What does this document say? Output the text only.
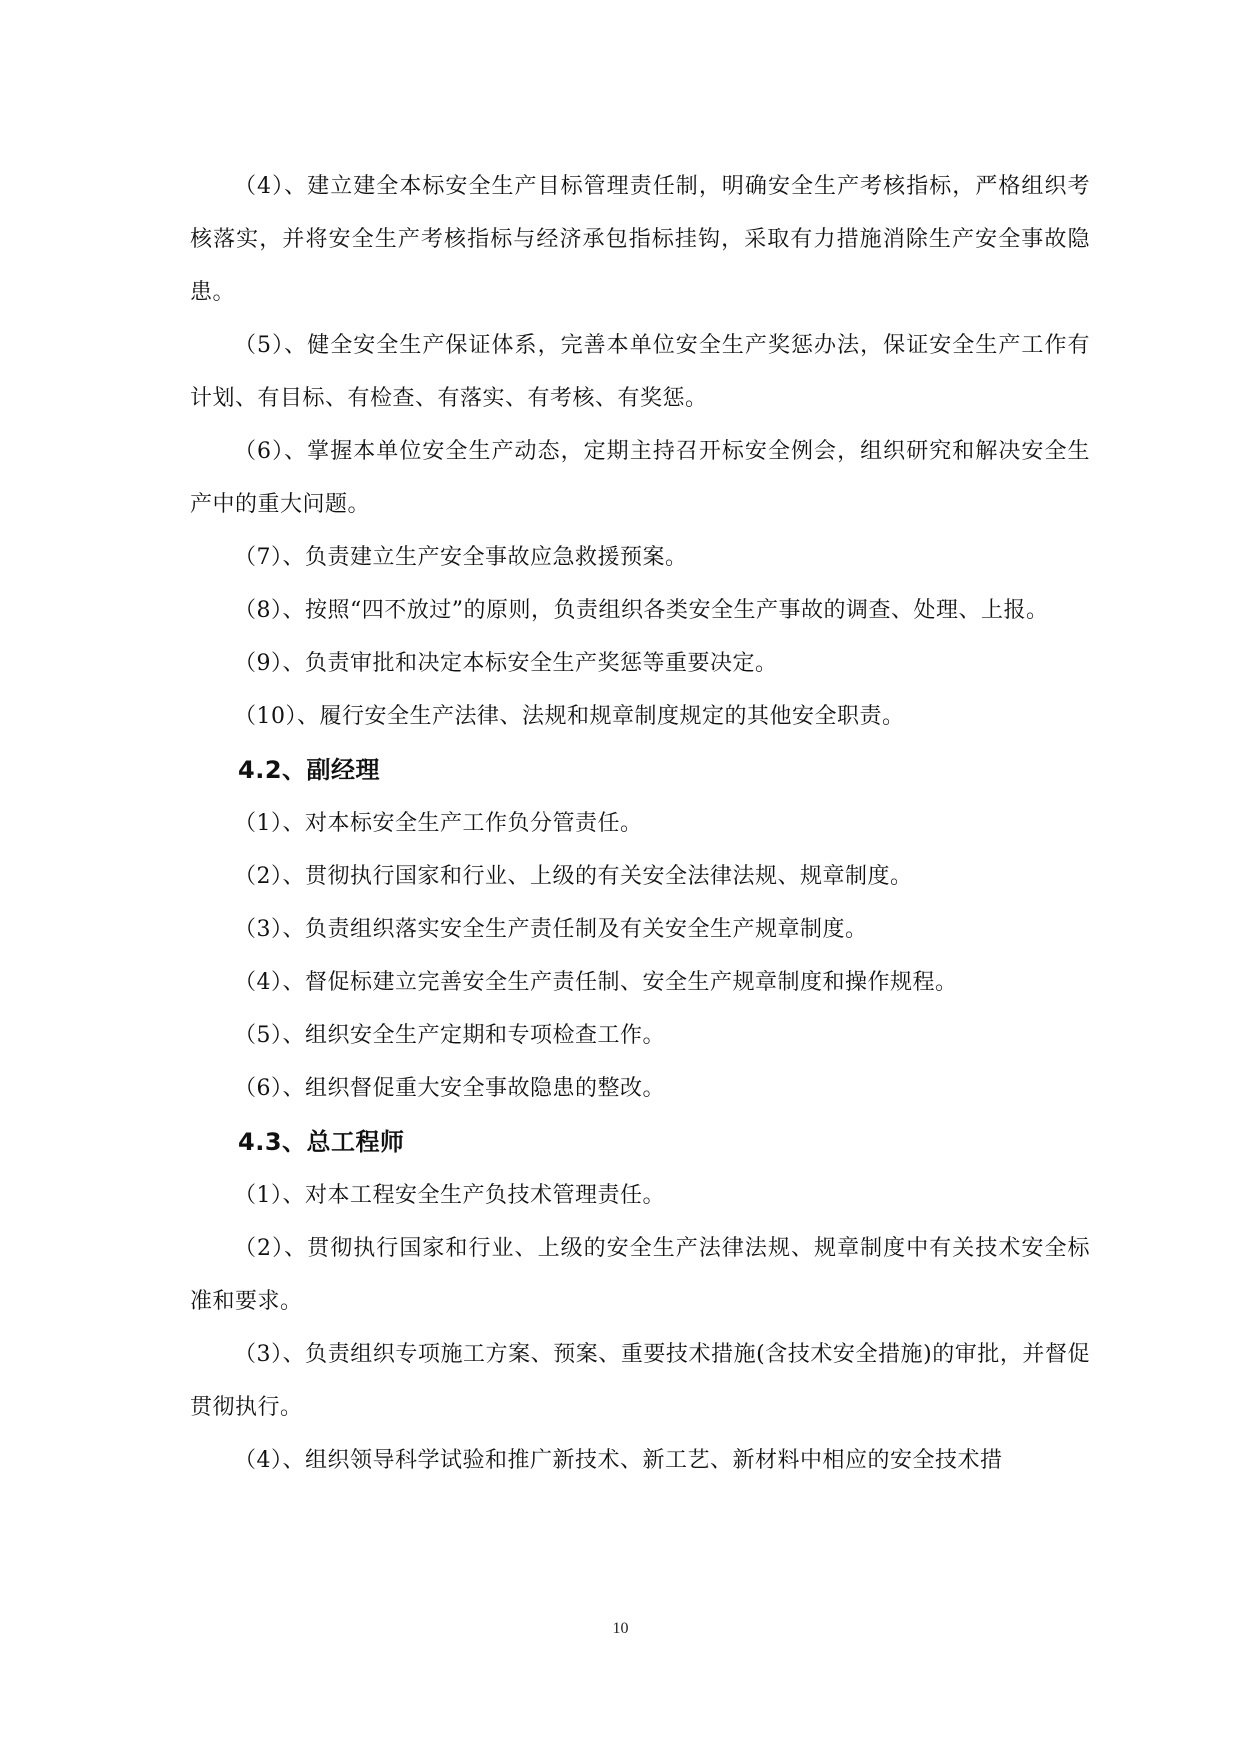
（4）、建立建全本标安全生产目标管理责任制，明确安全生产考核指标，严格组织考核落实，并将安全生产考核指标与经济承包指标挂钩，采取有力措施消除生产安全事故隐患。

（5）、健全安全生产保证体系，完善本单位安全生产奖惩办法，保证安全生产工作有计划、有目标、有检查、有落实、有考核、有奖惩。

（6）、掌握本单位安全生产动态，定期主持召开标安全例会，组织研究和解决安全生产中的重大问题。

（7）、负责建立生产安全事故应急救援预案。

（8）、按照“四不放过”的原则，负责组织各类安全生产事故的调查、处理、上报。

（9）、负责审批和决定本标安全生产奖惩等重要决定。

（10）、履行安全生产法律、法规和规章制度规定的其他安全职责。

4.2、副经理

（1）、对本标安全生产工作负分管责任。

（2）、贯彻执行国家和行业、上级的有关安全法律法规、规章制度。

（3）、负责组织落实安全生产责任制及有关安全生产规章制度。

（4）、督促标建立完善安全生产责任制、安全生产规章制度和操作规程。

（5）、组织安全生产定期和专项检查工作。

（6）、组织督促重大安全事故隐患的整改。

4.3、总工程师

（1）、对本工程安全生产负技术管理责任。

（2）、贯彻执行国家和行业、上级的安全生产法律法规、规章制度中有关技术安全标准和要求。

（3）、负责组织专项施工方案、预案、重要技术措施(含技术安全措施)的审批，并督促贯彻执行。

（4）、组织领导科学试验和推广新技术、新工艺、新材料中相应的安全技术措

10
